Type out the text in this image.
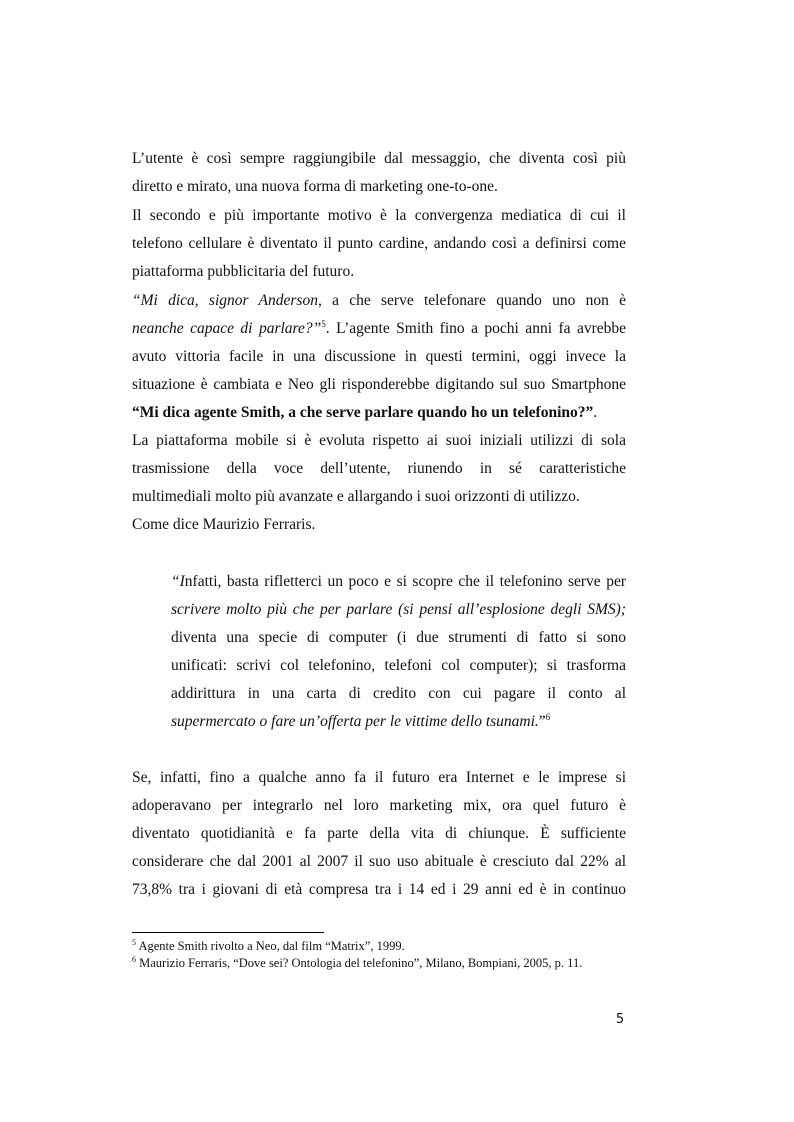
L’utente è così sempre raggiungibile dal messaggio, che diventa così più
diretto e mirato, una nuova forma di marketing one-to-one.
Il secondo e più importante motivo è la convergenza mediatica di cui il
telefono cellulare è diventato il punto cardine, andando così a definirsi come
piattaforma pubblicitaria del futuro.
“Mi dica, signor Anderson, a che serve telefonare quando uno non è
neanche capace di parlare?”$^5$. L’agente Smith fino a pochi anni fa avrebbe
avuto vittoria facile in una discussione in questi termini, oggi invece la
situazione è cambiata e Neo gli risponderebbe digitando sul suo Smartphone
“Mi dica agente Smith, a che serve parlare quando ho un telefonino?”.
La piattaforma mobile si è evoluta rispetto ai suoi iniziali utilizzi di sola
trasmissione della voce dell’utente, riunendo in sé caratteristiche
multimediali molto più avanzate e allargando i suoi orizzonti di utilizzo.
Come dice Maurizio Ferraris.
“Infatti, basta rifletterci un poco e si scopre che il telefonino serve per
scrivere molto più che per parlare (si pensi all’esplosione degli SMS);
diventa una specie di computer (i due strumenti di fatto si sono
unificati: scrivi col telefonino, telefoni col computer); si trasforma
addirittura in una carta di credito con cui pagare il conto al
supermercato o fare un’offerta per le vittime dello tsunami.”$^6$
Se, infatti, fino a qualche anno fa il futuro era Internet e le imprese si
adoperavano per integrarlo nel loro marketing mix, ora quel futuro è
diventato quotidianità e fa parte della vita di chiunque. È sufficiente
considerare che dal 2001 al 2007 il suo uso abituale è cresciuto dal 22% al
73,8% tra i giovani di età compresa tra i 14 ed i 29 anni ed è in continuo
$^5$ Agente Smith rivolto a Neo, dal film “Matrix”, 1999.
$^6$ Maurizio Ferraris, “Dove sei? Ontologia del telefonino”, Milano, Bompiani, 2005, p. 11.
5
